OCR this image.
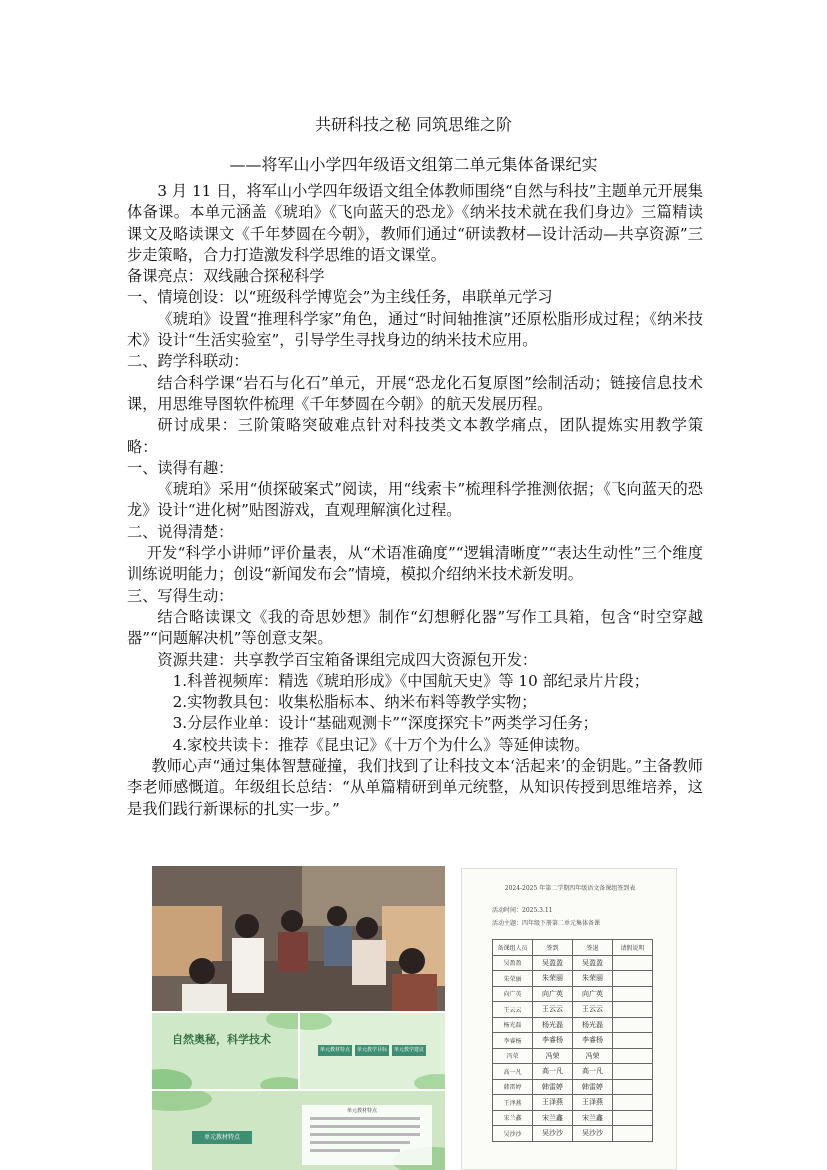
共研科技之秘 同筑思维之阶
——将军山小学四年级语文组第二单元集体备课纪实

3 月 11 日，将军山小学四年级语文组全体教师围绕“自然与科技”主题单元开展集体备课。本单元涵盖《琥珀》《飞向蓝天的恐龙》《纳米技术就在我们身边》三篇精读课文及略读课文《千年梦圆在今朝》，教师们通过“研读教材—设计活动—共享资源”三步走策略，合力打造激发科学思维的语文课堂。

备课亮点：双线融合探秘科学

一、情境创设：以“班级科学博览会”为主线任务，串联单元学习

《琥珀》设置“推理科学家”角色，通过“时间轴推演”还原松脂形成过程；《纳米技术》设计“生活实验室”，引导学生寻找身边的纳米技术应用。

二、跨学科联动：

结合科学课“岩石与化石”单元，开展“恐龙化石复原图”绘制活动；链接信息技术课，用思维导图软件梳理《千年梦圆在今朝》的航天发展历程。

研讨成果：三阶策略突破难点针对科技类文本教学痛点，团队提炼实用教学策略：

一、读得有趣：

《琥珀》采用“侦探破案式”阅读，用“线索卡”梳理科学推测依据；《飞向蓝天的恐龙》设计“进化树”贴图游戏，直观理解演化过程。

二、说得清楚：

开发“科学小讲师”评价量表，从“术语准确度”“逻辑清晰度”“表达生动性”三个维度训练说明能力；创设“新闻发布会”情境，模拟介绍纳米技术新发明。

三、写得生动：

结合略读课文《我的奇思妙想》制作“幻想孵化器”写作工具箱，包含“时空穿越器”“问题解决机”等创意支架。

资源共建：共享教学百宝箱备课组完成四大资源包开发：

1.科普视频库：精选《琥珀形成》《中国航天史》等 10 部纪录片片段；

2.实物教具包：收集松脂标本、纳米布料等教学实物；

3.分层作业单：设计“基础观测卡”“深度探究卡”两类学习任务；

4.家校共读卡：推荐《昆虫记》《十万个为什么》等延伸读物。

教师心声“通过集体智慧碰撞，我们找到了让科技文本‘活起来’的金钥匙。”主备教师李老师感慨道。年级组长总结：“从单篇精研到单元统整，从知识传授到思维培养，这是我们践行新课标的扎实一步。”

自然奥秘，科学技术
单元教材特点	单元教学目标	单元教学建议
单元教材特点
单元教材特点
2024-2025 年第二学期四年级语文备课组签到表
活动时间：2025.3.11
活动主题：四年级下册第二单元集体备课
备课组人员	签到	签退	请假说明
吴盈盈	吴盈盈	吴盈盈	
朱荣丽	朱荣丽	朱荣丽	
向广英	向广英	向广英	
王云云	王云云	王云云	
杨光磊	杨光磊	杨光磊	
李睿杨	李睿杨	李睿杨	
冯荣	冯荣	冯荣	
高一凡	高一凡	高一凡	
韩雷婷	韩雷婷	韩雷婷	
王泽燕	王泽燕	王泽燕	
宋兰鑫	宋兰鑫	宋兰鑫	
吴沙沙	吴沙沙	吴沙沙	
